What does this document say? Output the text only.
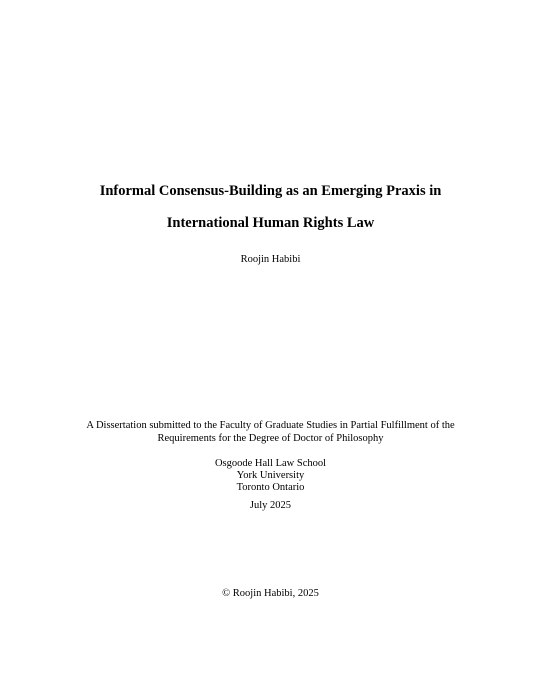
Informal Consensus-Building as an Emerging Praxis in
International Human Rights Law
Roojin Habibi
A Dissertation submitted to the Faculty of Graduate Studies in Partial Fulfillment of the
Requirements for the Degree of Doctor of Philosophy
Osgoode Hall Law School
York University
Toronto Ontario
July 2025
© Roojin Habibi, 2025
